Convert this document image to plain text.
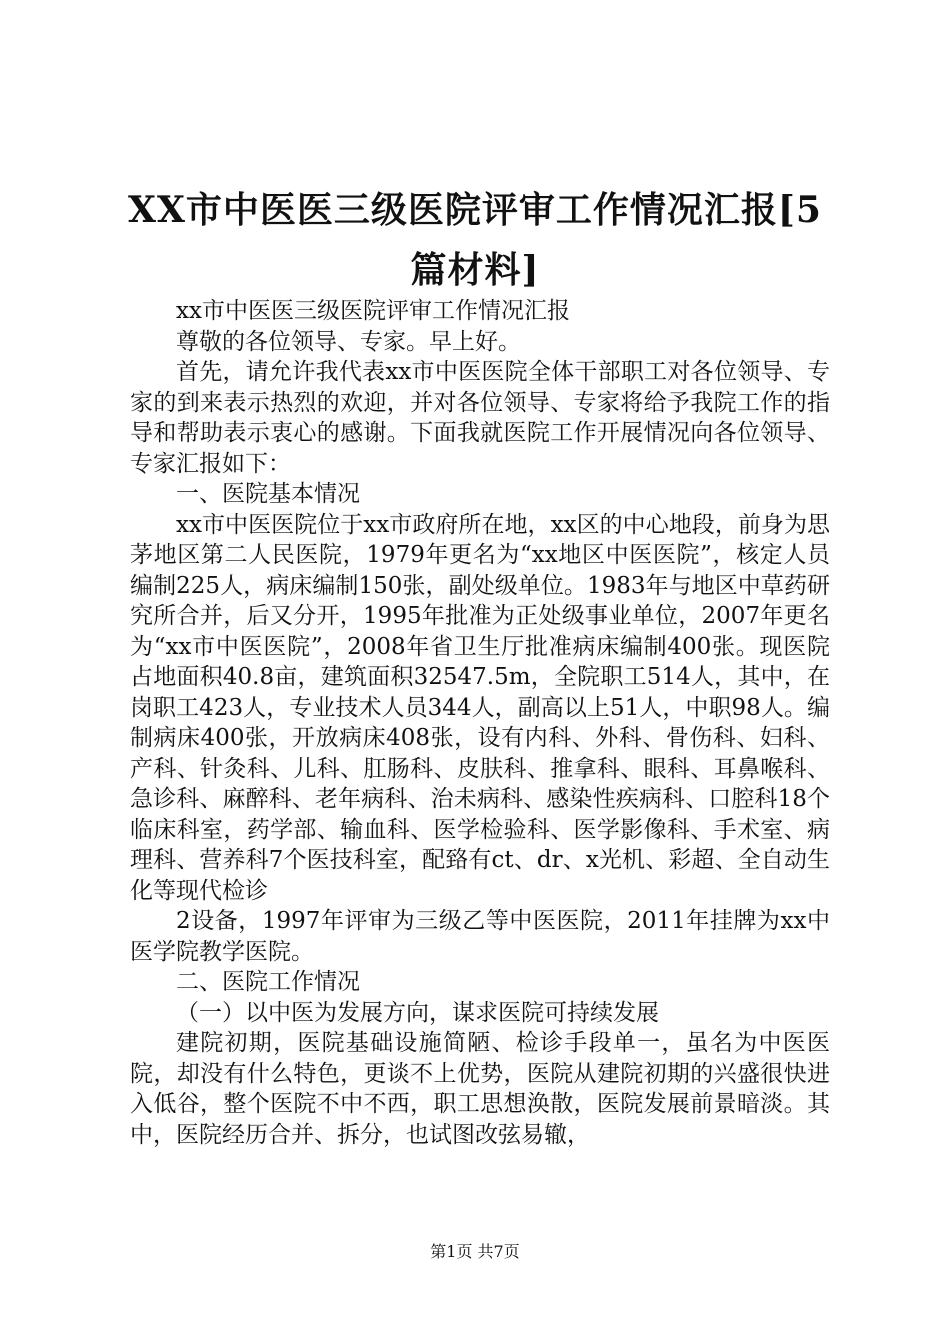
XX市中医医三级医院评审工作情况汇报[5篇材料]

xx市中医医三级医院评审工作情况汇报

尊敬的各位领导、专家。早上好。

首先，请允许我代表xx市中医医院全体干部职工对各位领导、专家的到来表示热烈的欢迎，并对各位领导、专家将给予我院工作的指导和帮助表示衷心的感谢。下面我就医院工作开展情况向各位领导、专家汇报如下：

一、医院基本情况

xx市中医医院位于xx市政府所在地，xx区的中心地段，前身为思茅地区第二人民医院，1979年更名为“xx地区中医医院”，核定人员编制225人，病床编制150张，副处级单位。1983年与地区中草药研究所合并，后又分开，1995年批准为正处级事业单位，2007年更名为“xx市中医医院”，2008年省卫生厅批准病床编制400张。现医院占地面积40.8亩，建筑面积32547.5m，全院职工514人，其中，在岗职工423人，专业技术人员344人，副高以上51人，中职98人。编制病床400张，开放病床408张，设有内科、外科、骨伤科、妇科、产科、针灸科、儿科、肛肠科、皮肤科、推拿科、眼科、耳鼻喉科、急诊科、麻醉科、老年病科、治未病科、感染性疾病科、口腔科18个临床科室，药学部、输血科、医学检验科、医学影像科、手术室、病理科、营养科7个医技科室，配臵有ct、dr、x光机、彩超、全自动生化等现代检诊

2设备，1997年评审为三级乙等中医医院，2011年挂牌为xx中医学院教学医院。

二、医院工作情况

（一）以中医为发展方向，谋求医院可持续发展

建院初期，医院基础设施简陋、检诊手段单一，虽名为中医医院，却没有什么特色，更谈不上优势，医院从建院初期的兴盛很快进入低谷，整个医院不中不西，职工思想涣散，医院发展前景暗淡。其中，医院经历合并、拆分，也试图改弦易辙，

第1页 共7页
